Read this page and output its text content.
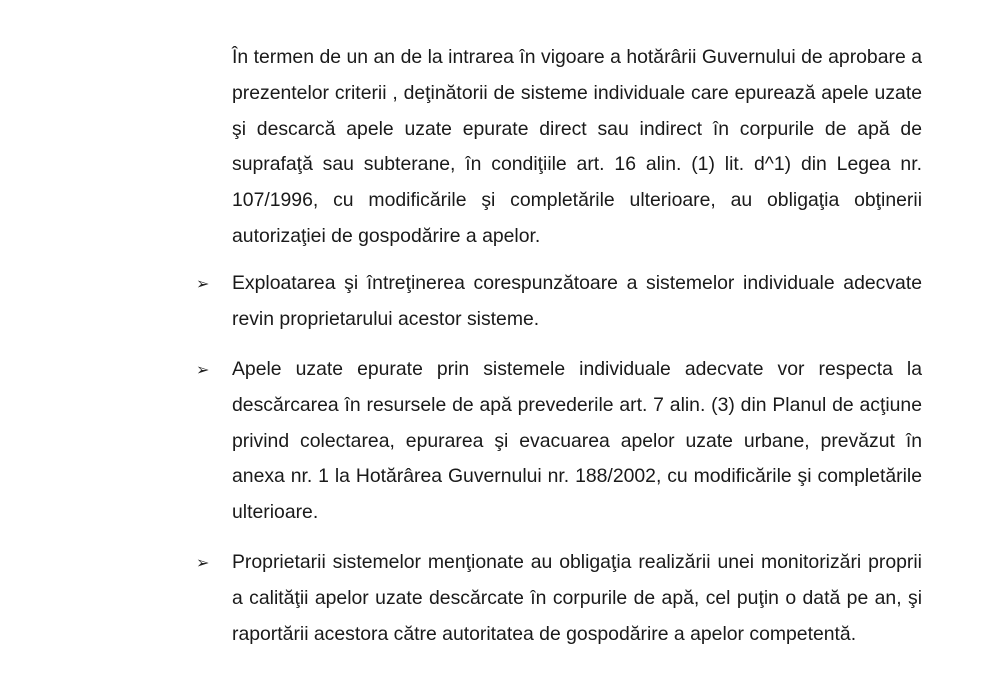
În termen de un an de la intrarea în vigoare a hotărârii Guvernului de aprobare a prezentelor criterii , deţinătorii de sisteme individuale care epurează apele uzate şi descarcă apele uzate epurate direct sau indirect în corpurile de apă de suprafaţă sau subterane, în condiţiile art. 16 alin. (1) lit. d^1) din Legea nr. 107/1996, cu modificările şi completările ulterioare, au obligaţia obţinerii autorizaţiei de gospodărire a apelor.

➢	Exploatarea şi întreţinerea corespunzătoare a sistemelor individuale adecvate revin proprietarului acestor sisteme.
➢	Apele uzate epurate prin sistemele individuale adecvate vor respecta la descărcarea în resursele de apă prevederile art. 7 alin. (3) din Planul de acţiune privind colectarea, epurarea şi evacuarea apelor uzate urbane, prevăzut în anexa nr. 1 la Hotărârea Guvernului nr. 188/2002, cu modificările şi completările ulterioare.
➢	Proprietarii sistemelor menţionate au obligaţia realizării unei monitorizări proprii a calităţii apelor uzate descărcate în corpurile de apă, cel puţin o dată pe an, şi raportării acestora către autoritatea de gospodărire a apelor competentă.
